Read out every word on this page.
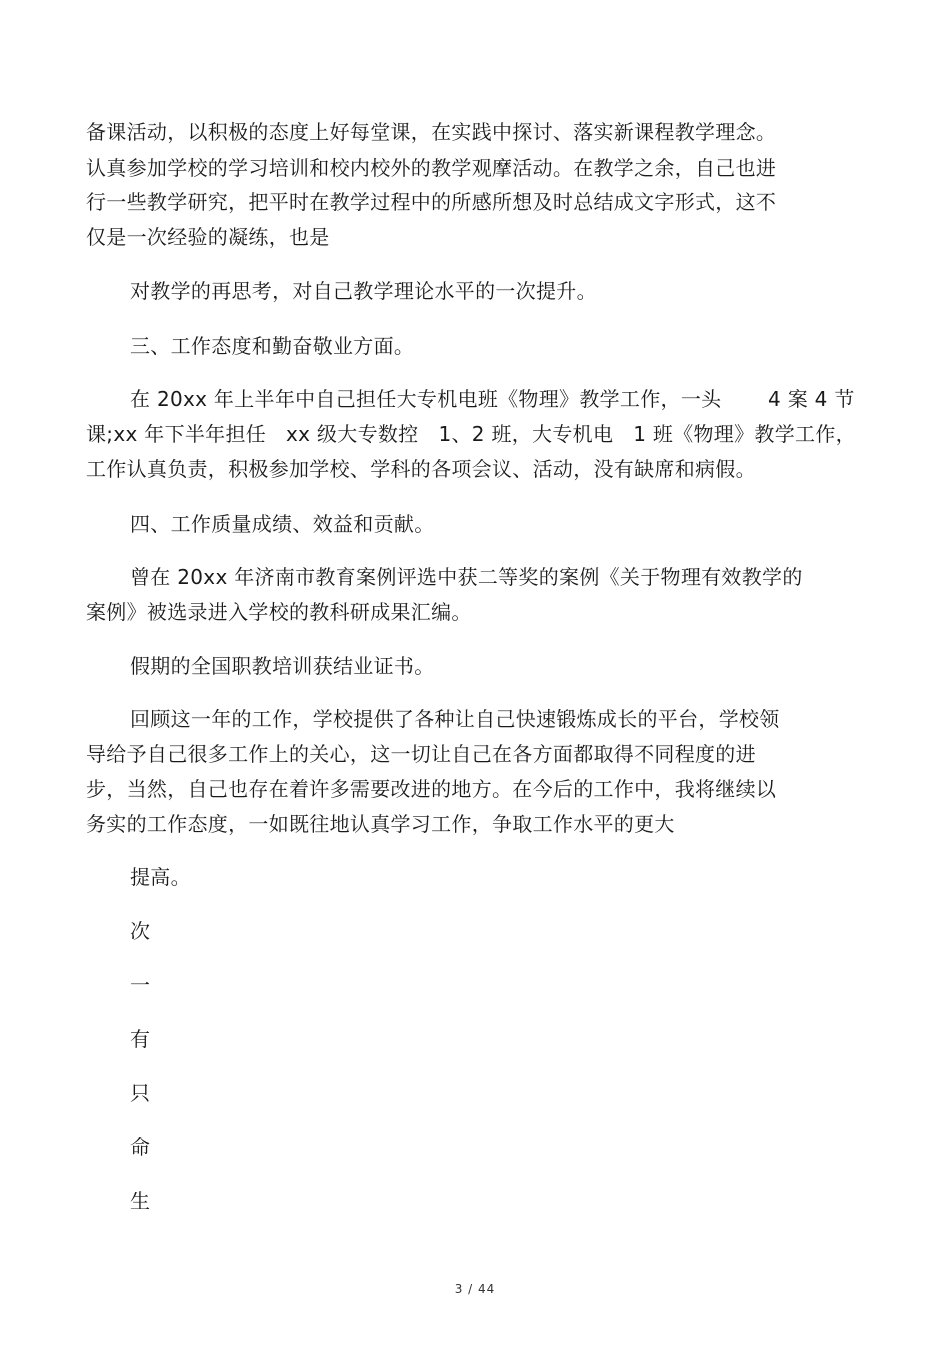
备课活动，以积极的态度上好每堂课，在实践中探讨、落实新课程教学理念。
认真参加学校的学习培训和校内校外的教学观摩活动。在教学之余，自己也进
行一些教学研究，把平时在教学过程中的所感所想及时总结成文字形式，这不
仅是一次经验的凝练，也是
对教学的再思考，对自己教学理论水平的一次提升。
三、工作态度和勤奋敬业方面。
在 20xx 年上半年中自己担任大专机电班《物理》教学工作，一头       4 案 4 节
课;xx 年下半年担任   xx 级大专数控   1、2 班，大专机电   1 班《物理》教学工作，
工作认真负责，积极参加学校、学科的各项会议、活动，没有缺席和病假。
四、工作质量成绩、效益和贡献。
曾在 20xx 年济南市教育案例评选中获二等奖的案例《关于物理有效教学的
案例》被选录进入学校的教科研成果汇编。
假期的全国职教培训获结业证书。
回顾这一年的工作，学校提供了各种让自己快速锻炼成长的平台，学校领
导给予自己很多工作上的关心，这一切让自己在各方面都取得不同程度的进
步，当然，自己也存在着许多需要改进的地方。在今后的工作中，我将继续以
务实的工作态度，一如既往地认真学习工作，争取工作水平的更大
提高。
次
一
有
只
命
生
3 / 44
